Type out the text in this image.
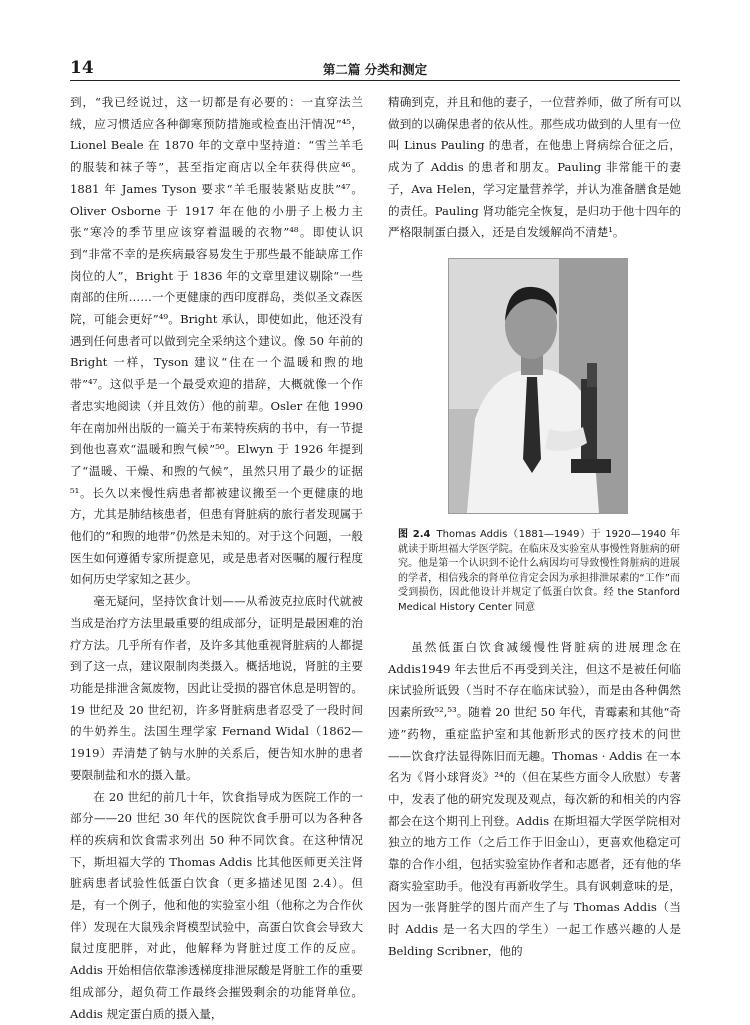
14	第二篇 分类和测定

到，“我已经说过，这一切都是有必要的：一直穿法兰绒，应习惯适应各种御寒预防措施或检查出汗情况”⁴⁵，Lionel Beale 在 1870 年的文章中坚持道：“雪兰羊毛的服装和袜子等”，甚至指定商店以全年获得供应⁴⁶。1881 年 James Tyson 要求“羊毛服装紧贴皮肤”⁴⁷。Oliver Osborne 于 1917 年在他的小册子上极力主张“寒冷的季节里应该穿着温暖的衣物”⁴⁸。即使认识到“非常不幸的是疾病最容易发生于那些最不能缺席工作岗位的人”，Bright 于 1836 年的文章里建议剔除“一些南部的住所……一个更健康的西印度群岛，类似圣文森医院，可能会更好”⁴⁹。Bright 承认，即使如此，他还没有遇到任何患者可以做到完全采纳这个建议。像 50 年前的 Bright 一样，Tyson 建议“住在一个温暖和煦的地带”⁴⁷。这似乎是一个最受欢迎的措辞，大概就像一个作者忠实地阅读（并且效仿）他的前辈。Osler 在他 1990 年在南加州出版的一篇关于布莱特疾病的书中，有一节提到他也喜欢“温暖和煦气候”⁵⁰。Elwyn 于 1926 年提到了“温暖、干燥、和煦的气候”，虽然只用了最少的证据⁵¹。长久以来慢性病患者都被建议搬至一个更健康的地方，尤其是肺结核患者，但患有肾脏病的旅行者发现属于他们的“和煦的地带”仍然是未知的。对于这个问题，一般医生如何遵循专家所提意见，或是患者对医嘱的履行程度如何历史学家知之甚少。

毫无疑问，坚持饮食计划——从希波克拉底时代就被当成是治疗方法里最重要的组成部分，证明是最困难的治疗方法。几乎所有作者，及许多其他重视肾脏病的人都提到了这一点，建议限制肉类摄入。概括地说，肾脏的主要功能是排泄含氮废物，因此让受损的器官休息是明智的。19 世纪及 20 世纪初，许多肾脏病患者忍受了一段时间的牛奶养生。法国生理学家 Fernand Widal（1862—1919）弄清楚了钠与水肿的关系后，便告知水肿的患者要限制盐和水的摄入量。

在 20 世纪的前几十年，饮食指导成为医院工作的一部分——20 世纪 30 年代的医院饮食手册可以为各种各样的疾病和饮食需求列出 50 种不同饮食。在这种情况下，斯坦福大学的 Thomas Addis 比其他医师更关注肾脏病患者试验性低蛋白饮食（更多描述见图 2.4）。但是，有一个例子，他和他的实验室小组（他称之为合作伙伴）发现在大鼠残余肾模型试验中，高蛋白饮食会导致大鼠过度肥胖，对此，他解释为肾脏过度工作的反应。Addis 开始相信依靠渗透梯度排泄尿酸是肾脏工作的重要组成部分，超负荷工作最终会摧毁剩余的功能肾单位。Addis 规定蛋白质的摄入量，

精确到克，并且和他的妻子，一位营养师，做了所有可以做到的以确保患者的依从性。那些成功做到的人里有一位叫 Linus Pauling 的患者，在他患上肾病综合征之后，成为了 Addis 的患者和朋友。Pauling 非常能干的妻子，Ava Helen，学习定量营养学，并认为准备膳食是她的责任。Pauling 肾功能完全恢复，是归功于他十四年的严格限制蛋白摄入，还是自发缓解尚不清楚¹。

图 2.4 Thomas Addis（1881—1949）于 1920—1940 年就读于斯坦福大学医学院。在临床及实验室从事慢性肾脏病的研究。他是第一个认识到不论什么病因均可导致慢性肾脏病的进展的学者，相信残余的肾单位肯定会因为承担排泄尿素的“工作”而受到损伤，因此他设计并规定了低蛋白饮食。经 the Stanford Medical History Center 同意

虽然低蛋白饮食减缓慢性肾脏病的进展理念在 Addis1949 年去世后不再受到关注，但这不是被任何临床试验所诋毁（当时不存在临床试验），而是由各种偶然因素所致⁵²,⁵³。随着 20 世纪 50 年代，青霉素和其他“奇迹”药物，重症监护室和其他新形式的医疗技术的问世——饮食疗法显得陈旧而无趣。Thomas · Addis 在一本名为《肾小球肾炎》²⁴的（但在某些方面令人欣慰）专著中，发表了他的研究发现及观点，每次新的和相关的内容都会在这个期刊上刊登。Addis 在斯坦福大学医学院相对独立的地方工作（之后工作于旧金山），更喜欢他稳定可靠的合作小组，包括实验室协作者和志愿者，还有他的华裔实验室助手。他没有再新收学生。具有讽刺意味的是，因为一张肾脏学的图片而产生了与 Thomas Addis（当时 Addis 是一名大四的学生）一起工作感兴趣的人是 Belding Scribner，他的
